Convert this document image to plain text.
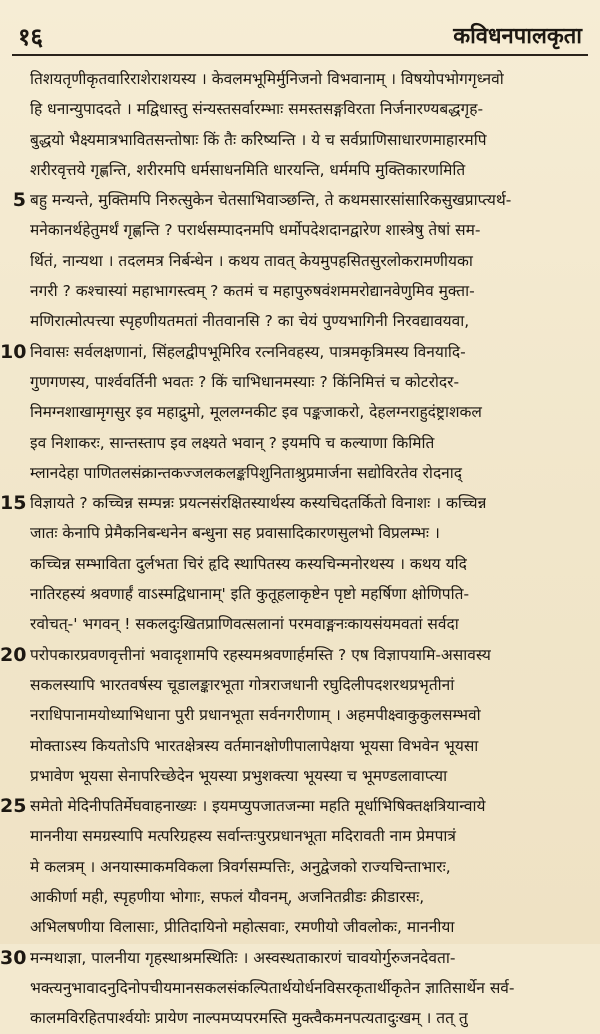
१६	कविधनपालकृता
तिशयतृणीकृतवारिराशेराशयस्य । केवलमभूमिर्मुनिजनो विभवानाम् । विषयोपभोगगृध्नवो
हि धनान्युपाददते । मद्विधास्तु संन्यस्तसर्वारम्भाः समस्तसङ्गविरता निर्जनारण्यबद्धगृह-
बुद्धयो भैक्ष्यमात्रभावितसन्तोषाः किं तैः करिष्यन्ति । ये च सर्वप्राणिसाधारणमाहारमपि
शरीरवृत्तये गृह्णन्ति, शरीरमपि धर्मसाधनमिति धारयन्ति, धर्ममपि मुक्तिकारणमिति
5 बहु मन्यन्ते, मुक्तिमपि निरुत्सुकेन चेतसाभिवाञ्छन्ति, ते कथमसारसांसारिकसुखप्राप्त्यर्थ-
मनेकानर्थहेतुमर्थं गृह्णन्ति ? परार्थसम्पादनमपि धर्मोपदेशदानद्वारेण शास्त्रेषु तेषां सम-
र्थितं, नान्यथा । तदलमत्र निर्बन्धेन । कथय तावत् केयमुपहसितसुरलोकरामणीयका
नगरी ? कश्चास्यां महाभागस्त्वम् ? कतमं च महापुरुषवंशममरोद्यानवेणुमिव मुक्ता-
मणिरात्मोत्पत्त्या स्पृहणीयतमतां नीतवानसि ? का चेयं पुण्यभागिनी निरवद्यावयवा,
10 निवासः सर्वलक्षणानां, सिंहलद्वीपभूमिरिव रत्ननिवहस्य, पात्रमकृत्रिमस्य विनयादि-
गुणगणस्य, पार्श्ववर्तिनी भवतः ? किं चाभिधानमस्याः ? किंनिमित्तं च कोटरोदर-
निमग्नशाखामृगसुर इव महाद्रुमो, मूललग्नकीट इव पङ्कजाकरो, देहलग्नराहुदंष्ट्राशकल
इव निशाकरः, सान्तस्ताप इव लक्ष्यते भवान् ? इयमपि च कल्याणा किमिति
म्लानदेहा पाणितलसंक्रान्तकज्जलकलङ्कपिशुनिताश्रुप्रमार्जना सद्योविरतेव रोदनाद्
15 विज्ञायते ? कच्चिन्न सम्पन्नः प्रयत्नसंरक्षितस्यार्थस्य कस्यचिदतर्कितो विनाशः । कच्चिन्न
जातः केनापि प्रेमैकनिबन्धनेन बन्धुना सह प्रवासादिकारणसुलभो विप्रलम्भः ।
कच्चिन्न सम्भाविता दुर्लभता चिरं हृदि स्थापितस्य कस्यचिन्मनोरथस्य । कथय यदि
नातिरहस्यं श्रवणार्हं वाऽस्मद्विधानाम्' इति कुतूहलाकृष्टेन पृष्टो महर्षिणा क्षोणिपति-
रवोचत्-' भगवन् ! सकलदुःखितप्राणिवत्सलानां परमवाङ्मनःकायसंयमवतां सर्वदा
20 परोपकारप्रवणवृत्तीनां भवादृशामपि रहस्यमश्रवणार्हमस्ति ? एष विज्ञापयामि-असावस्य
सकलस्यापि भारतवर्षस्य चूडालङ्कारभूता गोत्रराजधानी रघुदिलीपदशरथप्रभृतीनां
नराधिपानामयोध्याभिधाना पुरी प्रधानभूता सर्वनगरीणाम् । अहमपीक्ष्वाकुकुलसम्भवो
मोक्ताऽस्य कियतोऽपि भारतक्षेत्रस्य वर्तमानक्षोणीपालापेक्षया भूयसा विभवेन भूयसा
प्रभावेण भूयसा सेनापरिच्छेदेन भूयस्या प्रभुशक्त्या भूयस्या च भूमण्डलावाप्त्या
25 समेतो मेदिनीपतिर्मेघवाहनाख्यः । इयमप्युपजातजन्मा महति मूर्धाभिषिक्तक्षत्रियान्वाये
माननीया समग्रस्यापि मत्परिग्रहस्य सर्वान्तःपुरप्रधानभूता मदिरावती नाम प्रेमपात्रं
मे कलत्रम् । अनयास्माकमविकला त्रिवर्गसम्पत्तिः, अनुद्वेजको राज्यचिन्ताभारः,
आकीर्णा मही, स्पृहणीया भोगाः, सफलं यौवनम्, अजनितव्रीडः क्रीडारसः,
अभिलषणीया विलासाः, प्रीतिदायिनो महोत्सवाः, रमणीयो जीवलोकः, माननीया
30 मन्मथाज्ञा, पालनीया गृहस्थाश्रमस्थितिः । अस्वस्थताकारणं चावयोर्गुरुजनदेवता-
भक्त्यनुभावादनुदिनोपचीयमानसकलसंकल्पितार्थयोर्धनविसरकृतार्थीकृतेन ज्ञातिसार्थेन सर्व-
कालमविरहितपार्श्वयोः प्रायेण नाल्पमप्यपरमस्ति मुक्त्वैकमनपत्यतादुःखम् । तत् तु
